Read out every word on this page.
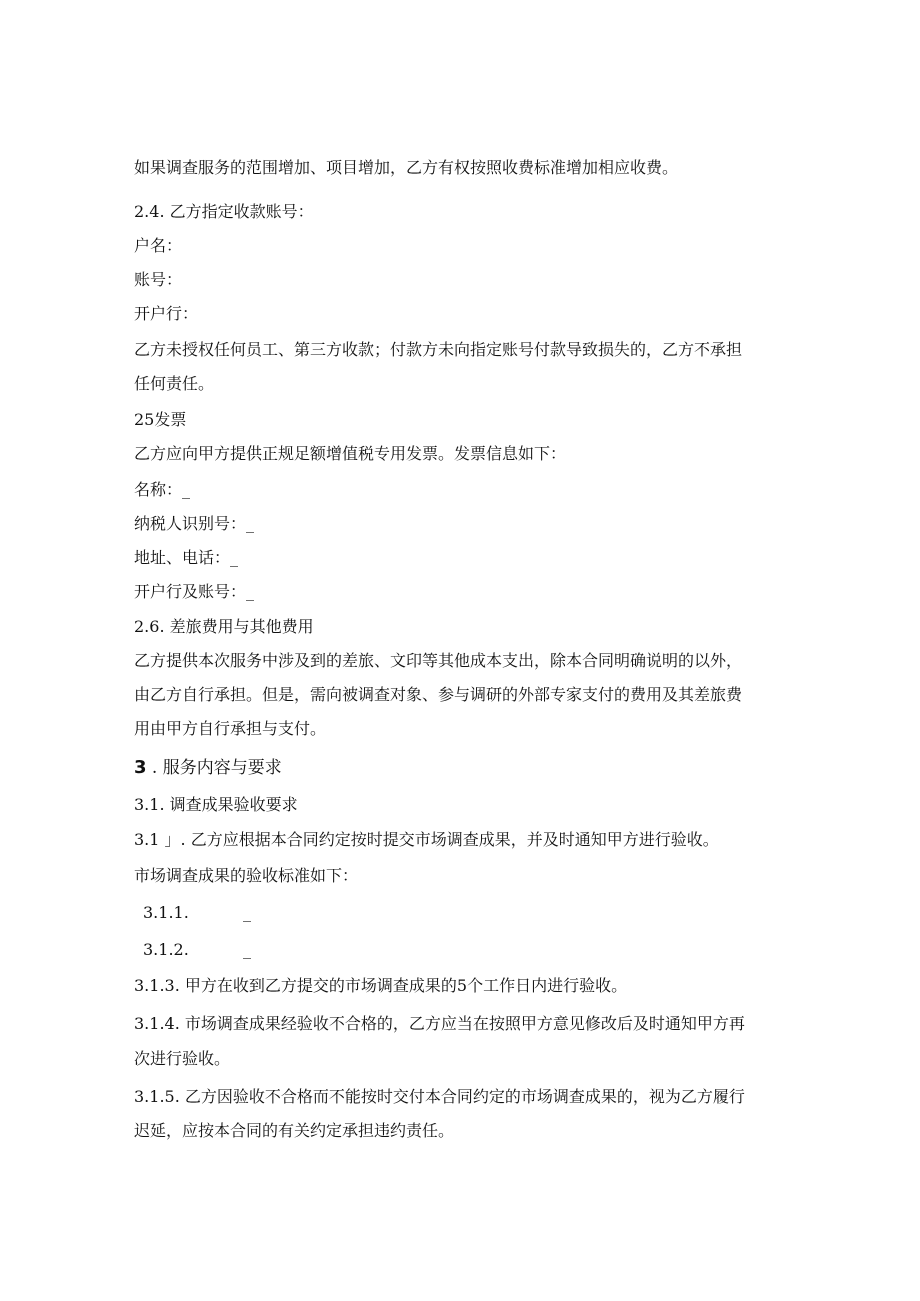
如果调查服务的范围增加、项目增加，乙方有权按照收费标准增加相应收费。
2.4. 乙方指定收款账号：
户名：
账号：
开户行：
乙方未授权任何员工、第三方收款；付款方未向指定账号付款导致损失的，乙方不承担
任何责任。
25发票
乙方应向甲方提供正规足额增值税专用发票。发票信息如下：
名称：_
纳税人识别号：_
地址、电话：_
开户行及账号：_
2.6. 差旅费用与其他费用
乙方提供本次服务中涉及到的差旅、文印等其他成本支出，除本合同明确说明的以外，
由乙方自行承担。但是，需向被调查对象、参与调研的外部专家支付的费用及其差旅费
用由甲方自行承担与支付。
3 . 服务内容与要求
3.1. 调查成果验收要求
3.1 」. 乙方应根据本合同约定按时提交市场调查成果，并及时通知甲方进行验收。
市场调查成果的验收标准如下：
3.1.1.	_
3.1.2.	_
3.1.3. 甲方在收到乙方提交的市场调查成果的5个工作日内进行验收。
3.1.4. 市场调查成果经验收不合格的，乙方应当在按照甲方意见修改后及时通知甲方再
次进行验收。
3.1.5. 乙方因验收不合格而不能按时交付本合同约定的市场调查成果的，视为乙方履行
迟延，应按本合同的有关约定承担违约责任。
